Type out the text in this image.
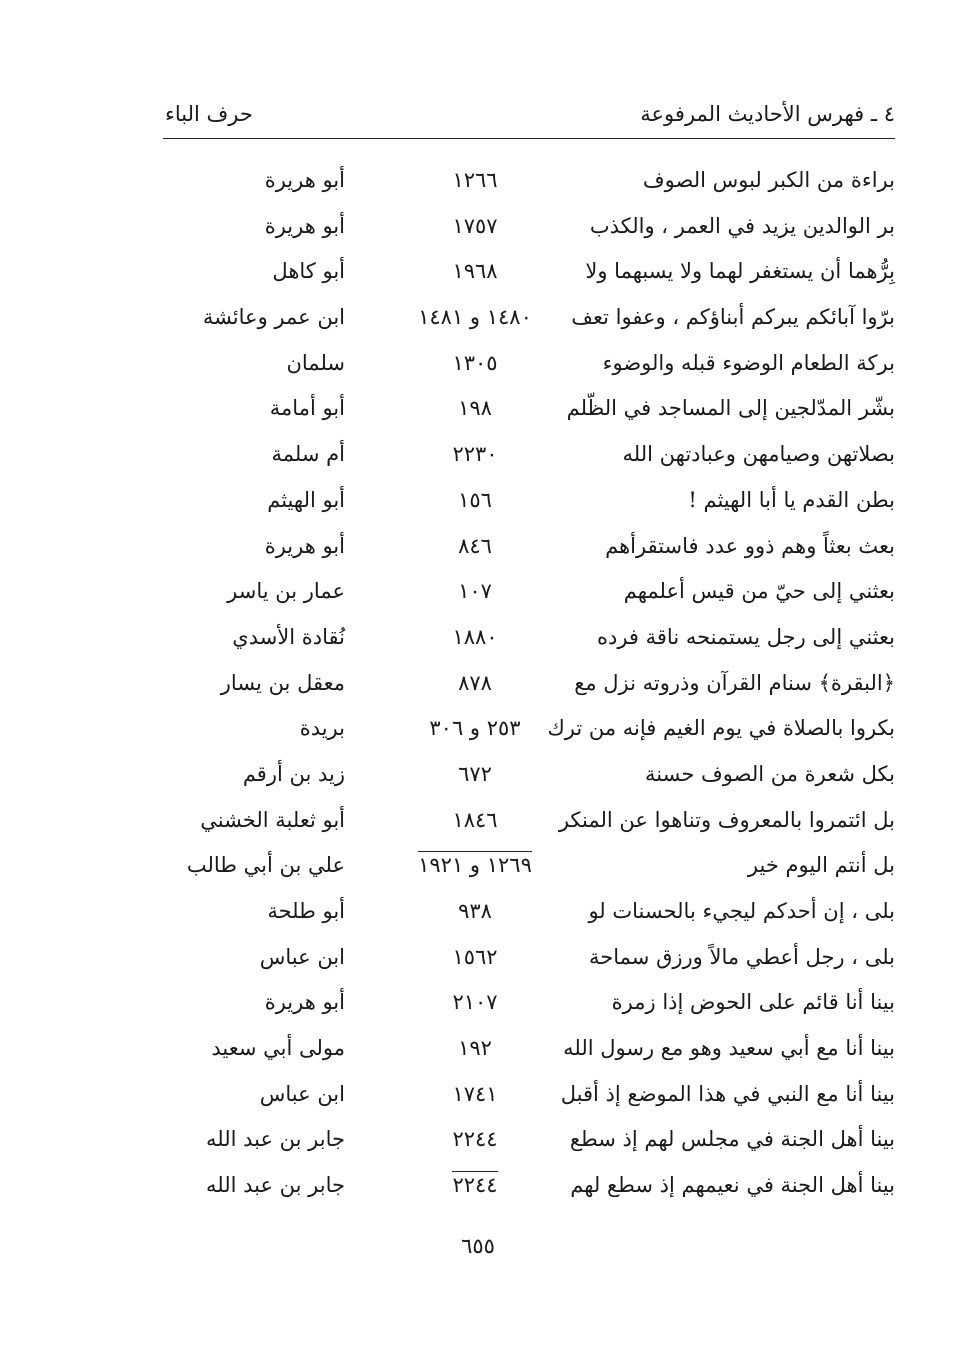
٤ ـ فهرس الأحاديث المرفوعة
حرف الباء
براءة من الكبر لبوس الصوف
١٢٦٦
أبو هريرة
بر الوالدين يزيد في العمر ، والكذب
١٧٥٧
أبو هريرة
بِرُّهما أن يستغفر لهما ولا يسبهما ولا
١٩٦٨
أبو كاهل
برّوا آبائكم يبركم أبناؤكم ، وعفوا تعف
١٤٨٠ و ١٤٨١
ابن عمر وعائشة
بركة الطعام الوضوء قبله والوضوء
١٣٠٥
سلمان
بشّر المدّلجين إلى المساجد في الظّلم
١٩٨
أبو أمامة
بصلاتهن وصيامهن وعبادتهن الله
٢٢٣٠
أم سلمة
بطن القدم يا أبا الهيثم !
١٥٦
أبو الهيثم
بعث بعثاً وهم ذوو عدد فاستقرأهم
٨٤٦
أبو هريرة
بعثني إلى حيّ من قيس أعلمهم
١٠٧
عمار بن ياسر
بعثني إلى رجل يستمنحه ناقة فرده
١٨٨٠
نُقادة الأسدي
﴿البقرة﴾ سنام القرآن وذروته نزل مع
٨٧٨
معقل بن يسار
بكروا بالصلاة في يوم الغيم فإنه من ترك
٢٥٣ و ٣٠٦
بريدة
بكل شعرة من الصوف حسنة
٦٧٢
زيد بن أرقم
بل ائتمروا بالمعروف وتناهوا عن المنكر
١٨٤٦
أبو ثعلبة الخشني
بل أنتم اليوم خير
١٢٦٩ و ١٩٢١
علي بن أبي طالب
بلى ، إن أحدكم ليجيء بالحسنات لو
٩٣٨
أبو طلحة
بلى ، رجل أعطي مالاً ورزق سماحة
١٥٦٢
ابن عباس
بينا أنا قائم على الحوض إذا زمرة
٢١٠٧
أبو هريرة
بينا أنا مع أبي سعيد وهو مع رسول الله
١٩٢
مولى أبي سعيد
بينا أنا مع النبي في هذا الموضع إذ أقبل
١٧٤١
ابن عباس
بينا أهل الجنة في مجلس لهم إذ سطع
٢٢٤٤
جابر بن عبد الله
بينا أهل الجنة في نعيمهم إذ سطع لهم
٢٢٤٤
جابر بن عبد الله
٦٥٥
